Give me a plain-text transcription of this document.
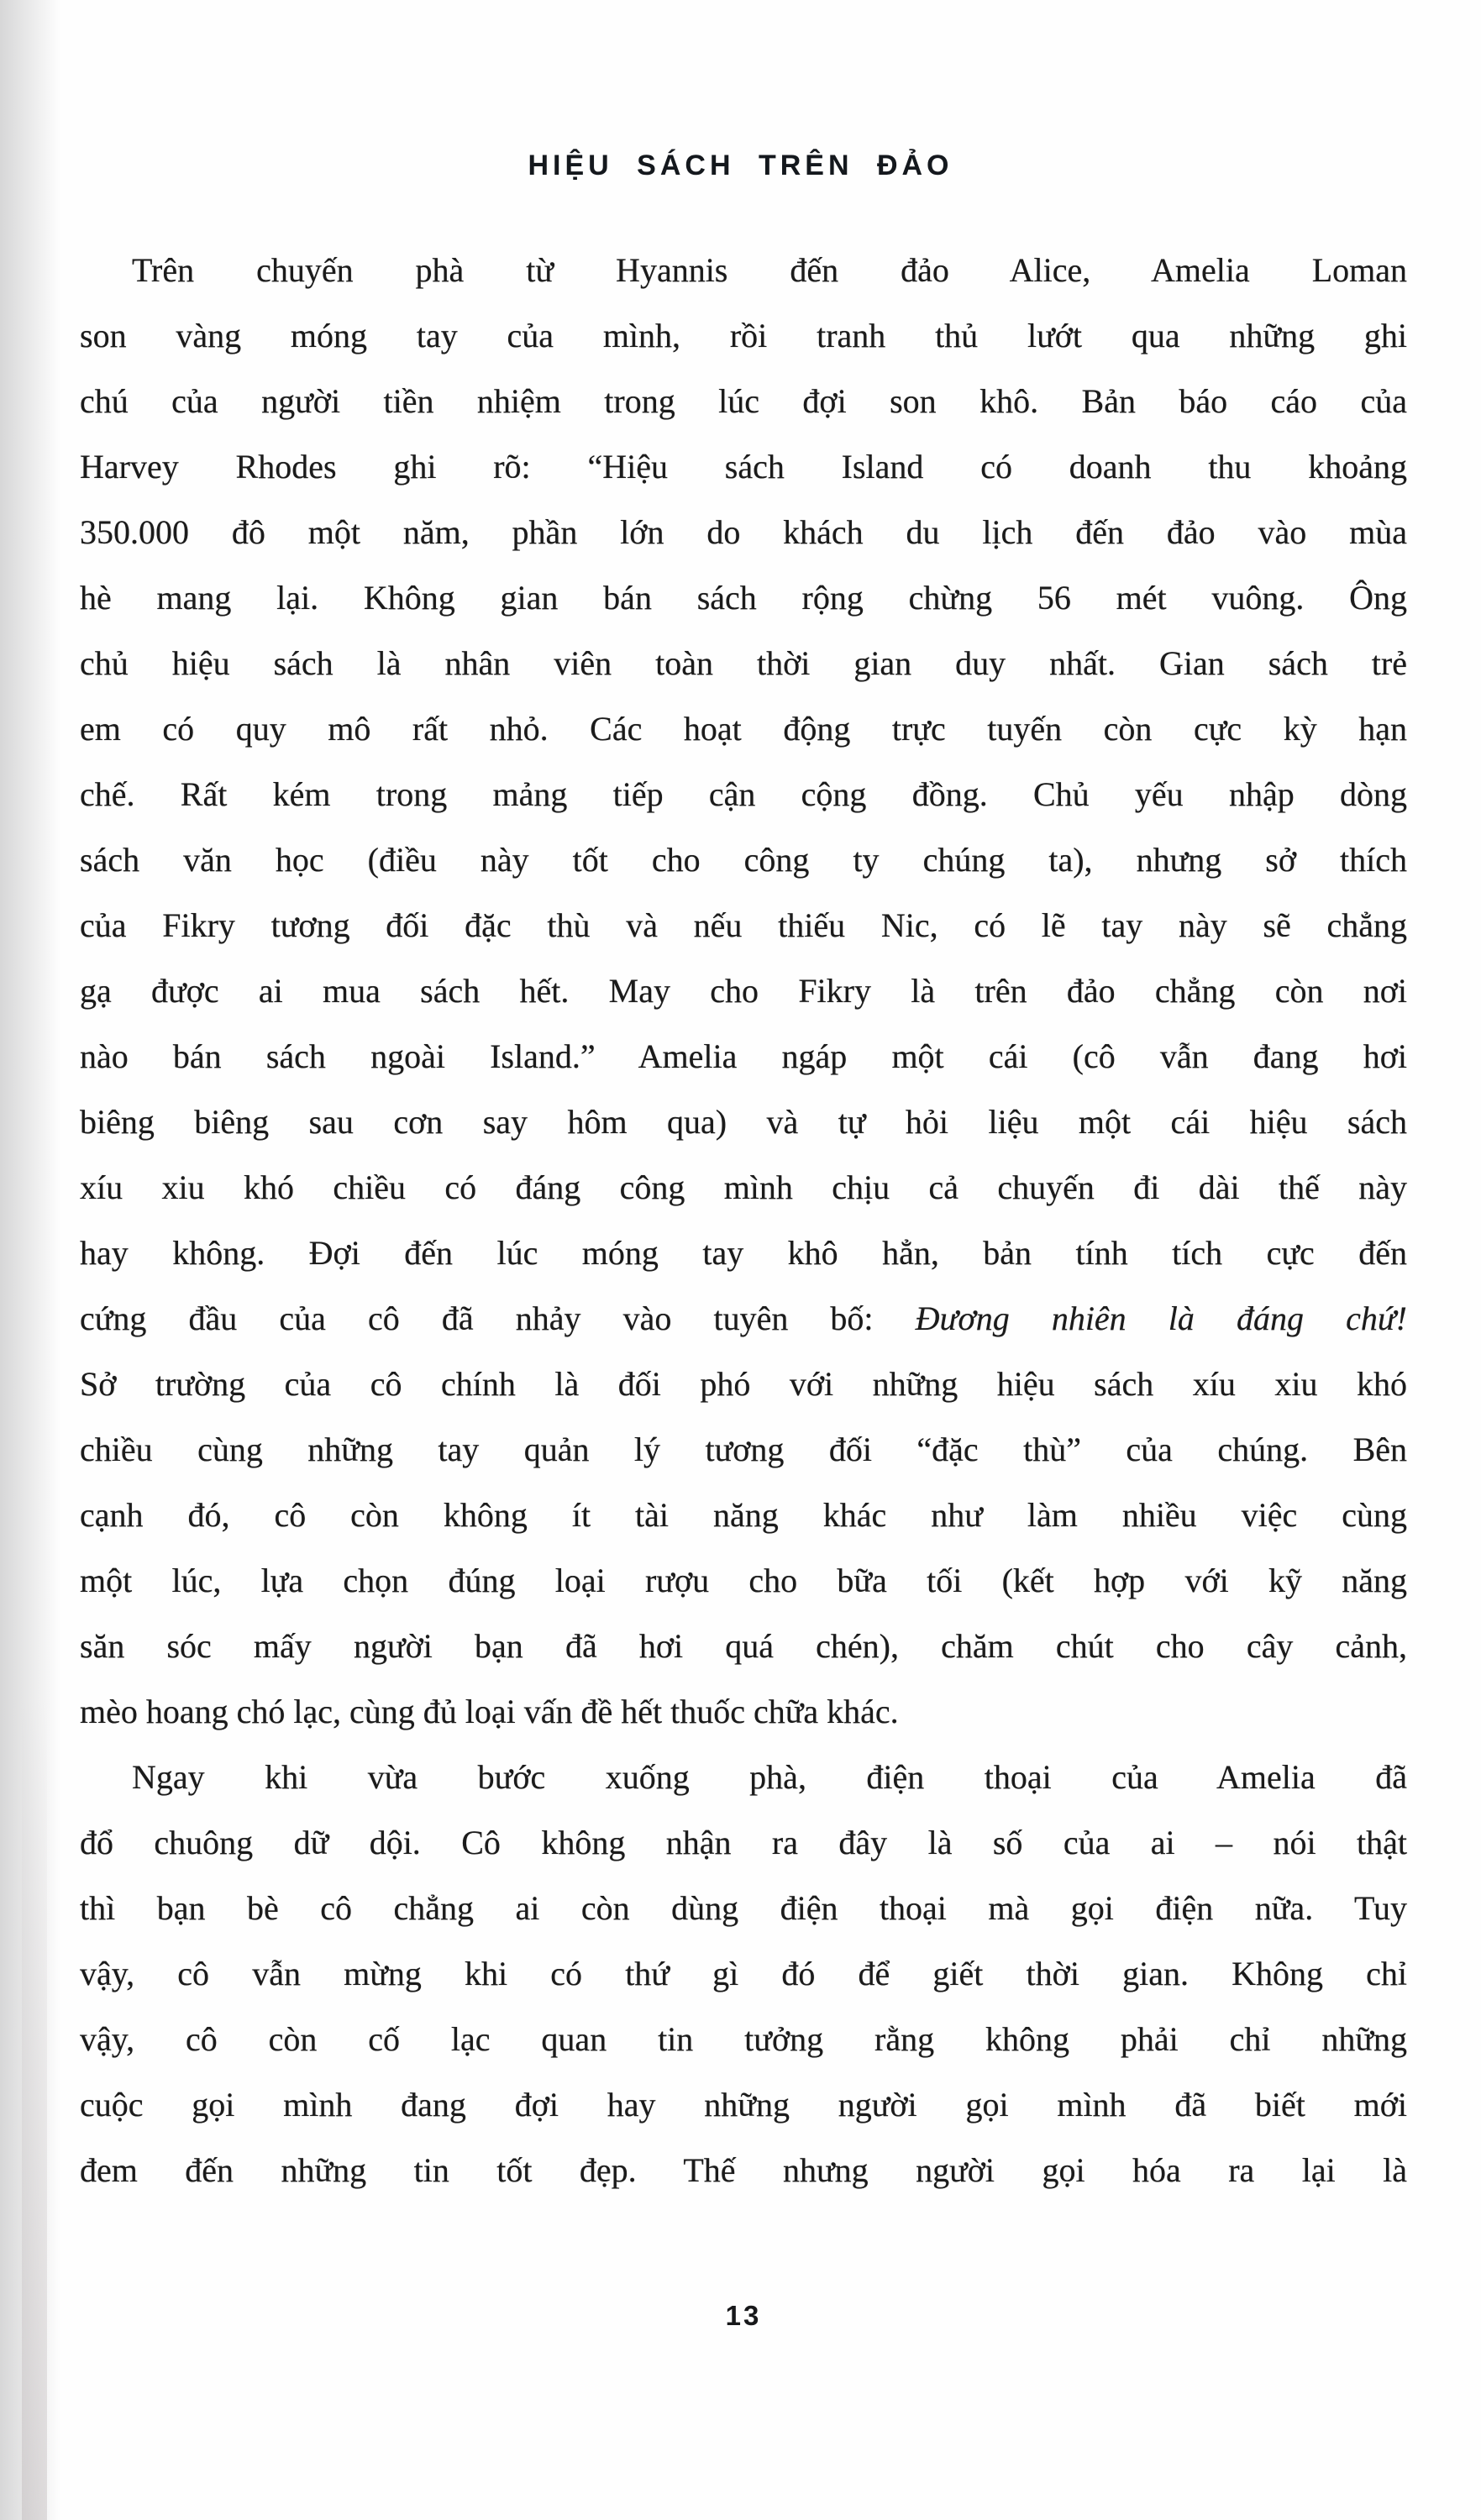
HIỆU SÁCH TRÊN ĐẢO
Trên chuyến phà từ Hyannis đến đảo Alice, Amelia Loman
son vàng móng tay của mình, rồi tranh thủ lướt qua những ghi
chú của người tiền nhiệm trong lúc đợi son khô. Bản báo cáo của
Harvey Rhodes ghi rõ: “Hiệu sách Island có doanh thu khoảng
350.000 đô một năm, phần lớn do khách du lịch đến đảo vào mùa
hè mang lại. Không gian bán sách rộng chừng 56 mét vuông. Ông
chủ hiệu sách là nhân viên toàn thời gian duy nhất. Gian sách trẻ
em có quy mô rất nhỏ. Các hoạt động trực tuyến còn cực kỳ hạn
chế. Rất kém trong mảng tiếp cận cộng đồng. Chủ yếu nhập dòng
sách văn học (điều này tốt cho công ty chúng ta), nhưng sở thích
của Fikry tương đối đặc thù và nếu thiếu Nic, có lẽ tay này sẽ chẳng
gạ được ai mua sách hết. May cho Fikry là trên đảo chẳng còn nơi
nào bán sách ngoài Island.” Amelia ngáp một cái (cô vẫn đang hơi
biêng biêng sau cơn say hôm qua) và tự hỏi liệu một cái hiệu sách
xíu xiu khó chiều có đáng công mình chịu cả chuyến đi dài thế này
hay không. Đợi đến lúc móng tay khô hẳn, bản tính tích cực đến
cứng đầu của cô đã nhảy vào tuyên bố: Đương nhiên là đáng chứ!
Sở trường của cô chính là đối phó với những hiệu sách xíu xiu khó
chiều cùng những tay quản lý tương đối “đặc thù” của chúng. Bên
cạnh đó, cô còn không ít tài năng khác như làm nhiều việc cùng
một lúc, lựa chọn đúng loại rượu cho bữa tối (kết hợp với kỹ năng
săn sóc mấy người bạn đã hơi quá chén), chăm chút cho cây cảnh,
mèo hoang chó lạc, cùng đủ loại vấn đề hết thuốc chữa khác.
Ngay khi vừa bước xuống phà, điện thoại của Amelia đã
đổ chuông dữ dội. Cô không nhận ra đây là số của ai – nói thật
thì bạn bè cô chẳng ai còn dùng điện thoại mà gọi điện nữa. Tuy
vậy, cô vẫn mừng khi có thứ gì đó để giết thời gian. Không chỉ
vậy, cô còn cố lạc quan tin tưởng rằng không phải chỉ những
cuộc gọi mình đang đợi hay những người gọi mình đã biết mới
đem đến những tin tốt đẹp. Thế nhưng người gọi hóa ra lại là
13
